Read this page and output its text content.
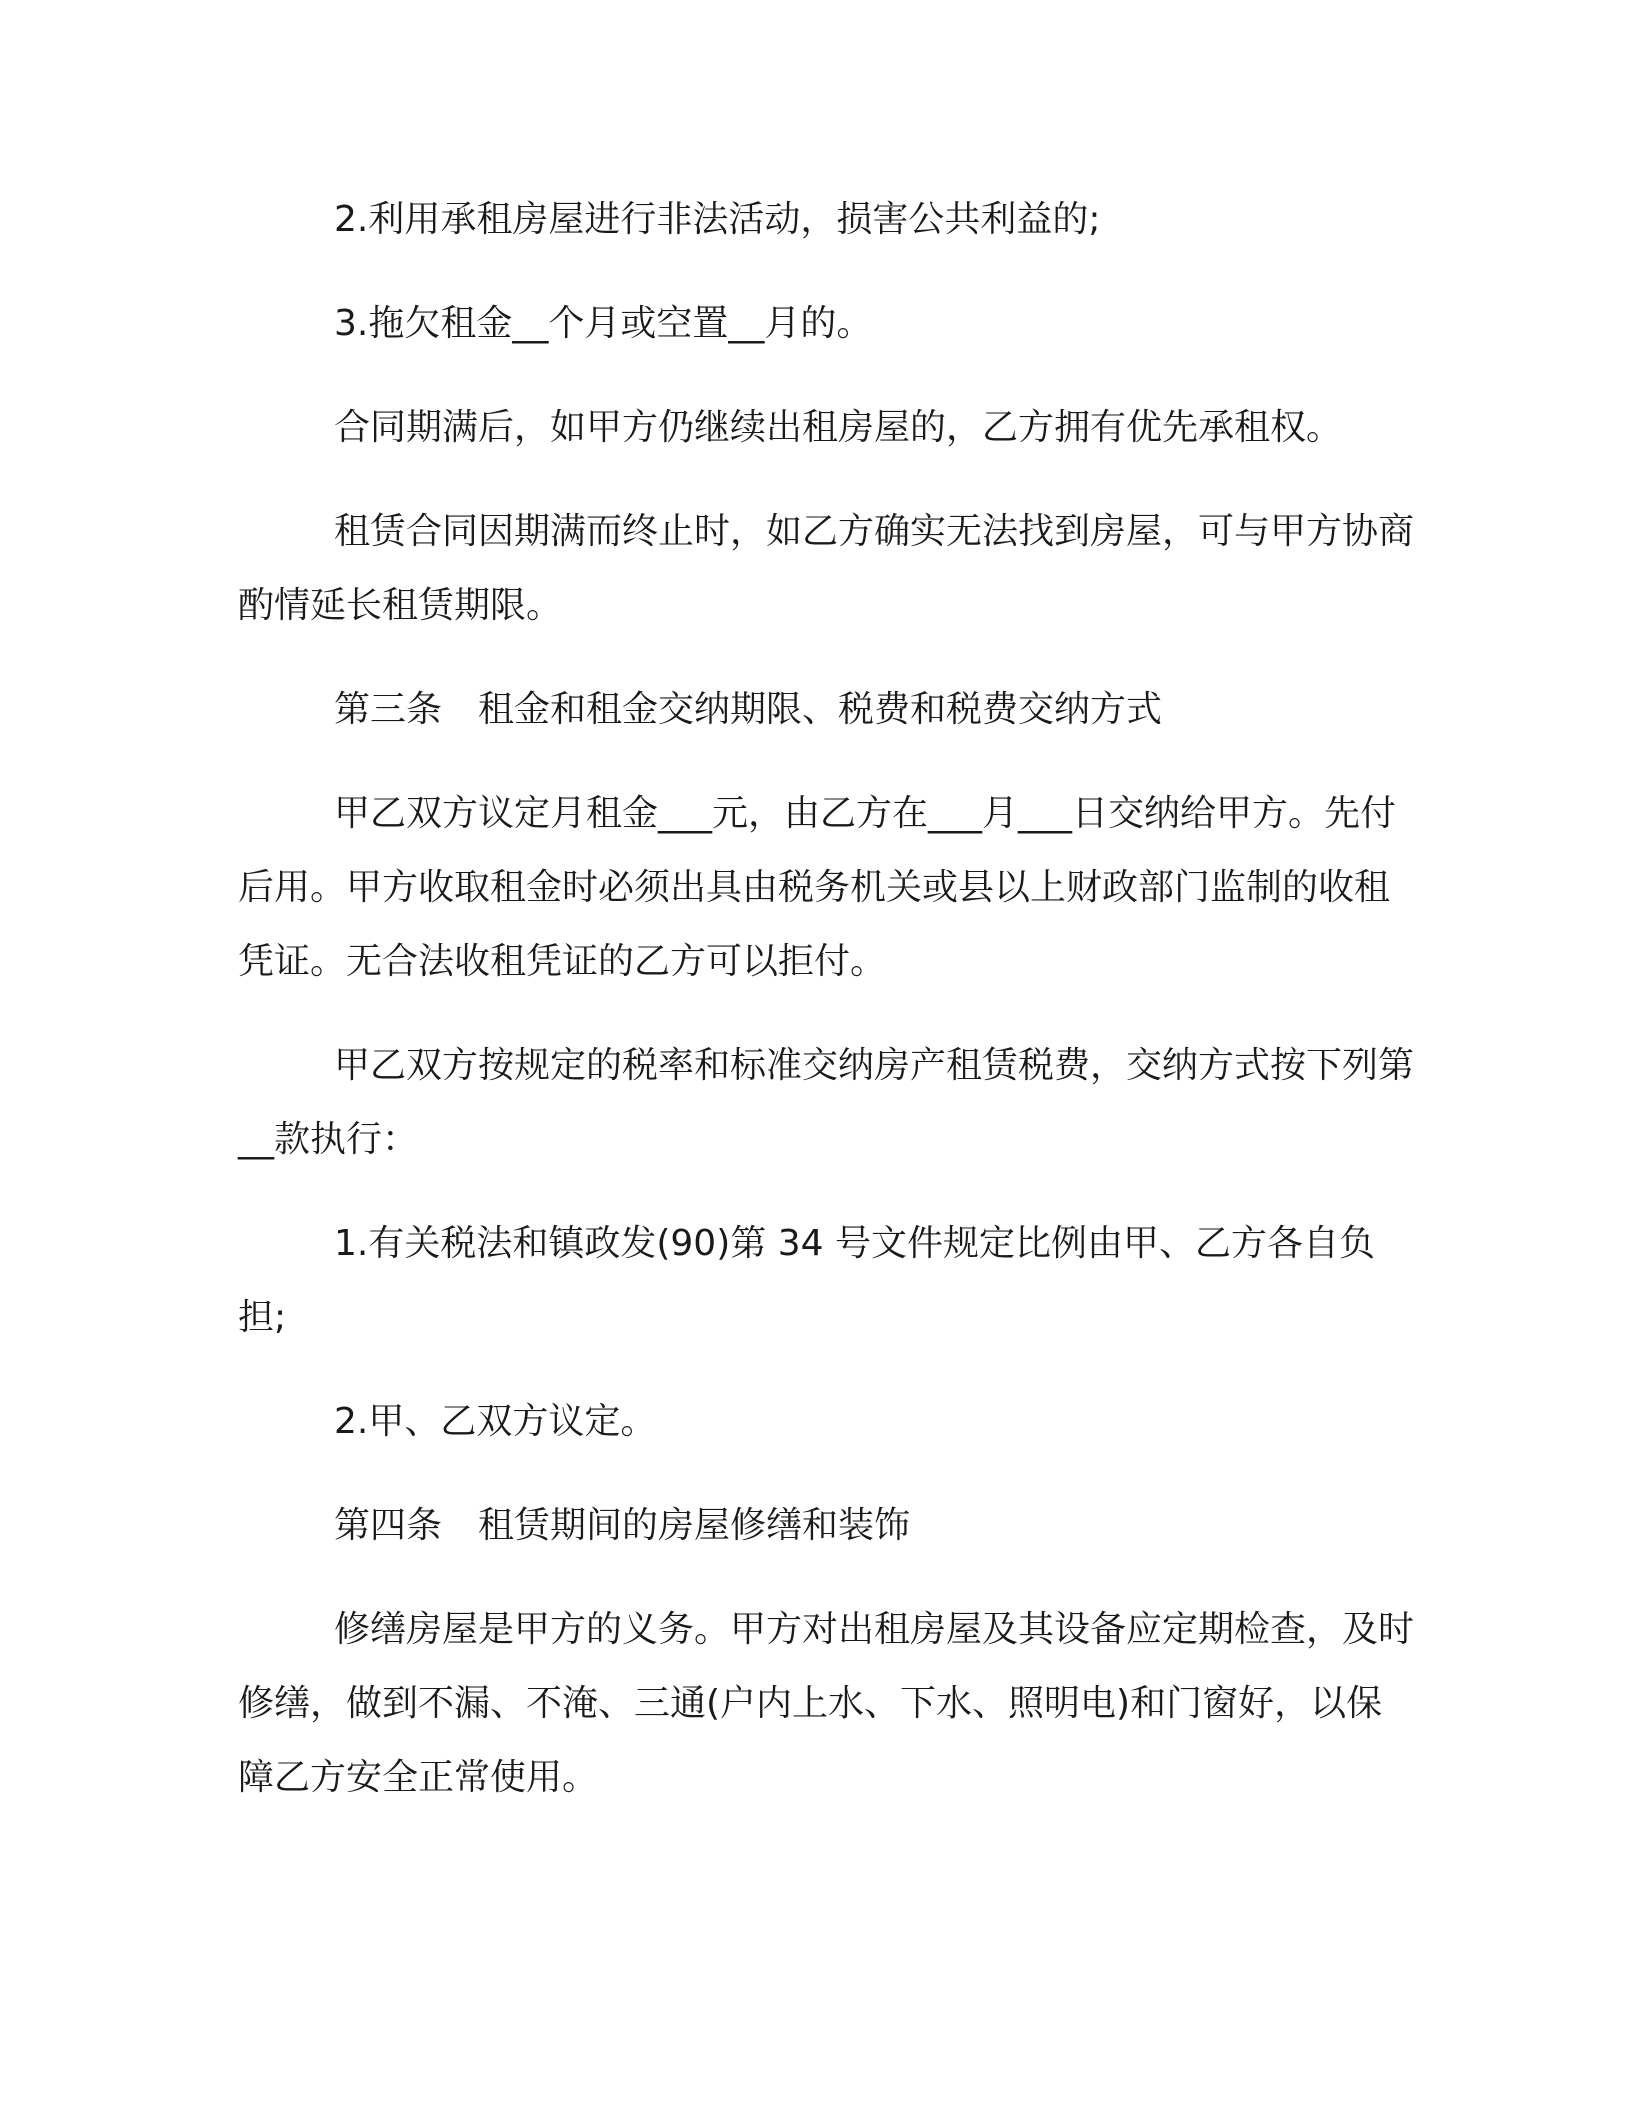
2.利用承租房屋进行非法活动，损害公共利益的;

3.拖欠租金__个月或空置__月的。

合同期满后，如甲方仍继续出租房屋的，乙方拥有优先承租权。

租赁合同因期满而终止时，如乙方确实无法找到房屋，可与甲方协商酌情延长租赁期限。

第三条　租金和租金交纳期限、税费和税费交纳方式

甲乙双方议定月租金___元，由乙方在___月___日交纳给甲方。先付后用。甲方收取租金时必须出具由税务机关或县以上财政部门监制的收租凭证。无合法收租凭证的乙方可以拒付。

甲乙双方按规定的税率和标准交纳房产租赁税费，交纳方式按下列第__款执行：

1.有关税法和镇政发(90)第 34 号文件规定比例由甲、乙方各自负担;

2.甲、乙双方议定。

第四条　租赁期间的房屋修缮和装饰

修缮房屋是甲方的义务。甲方对出租房屋及其设备应定期检查，及时修缮，做到不漏、不淹、三通(户内上水、下水、照明电)和门窗好，以保障乙方安全正常使用。
